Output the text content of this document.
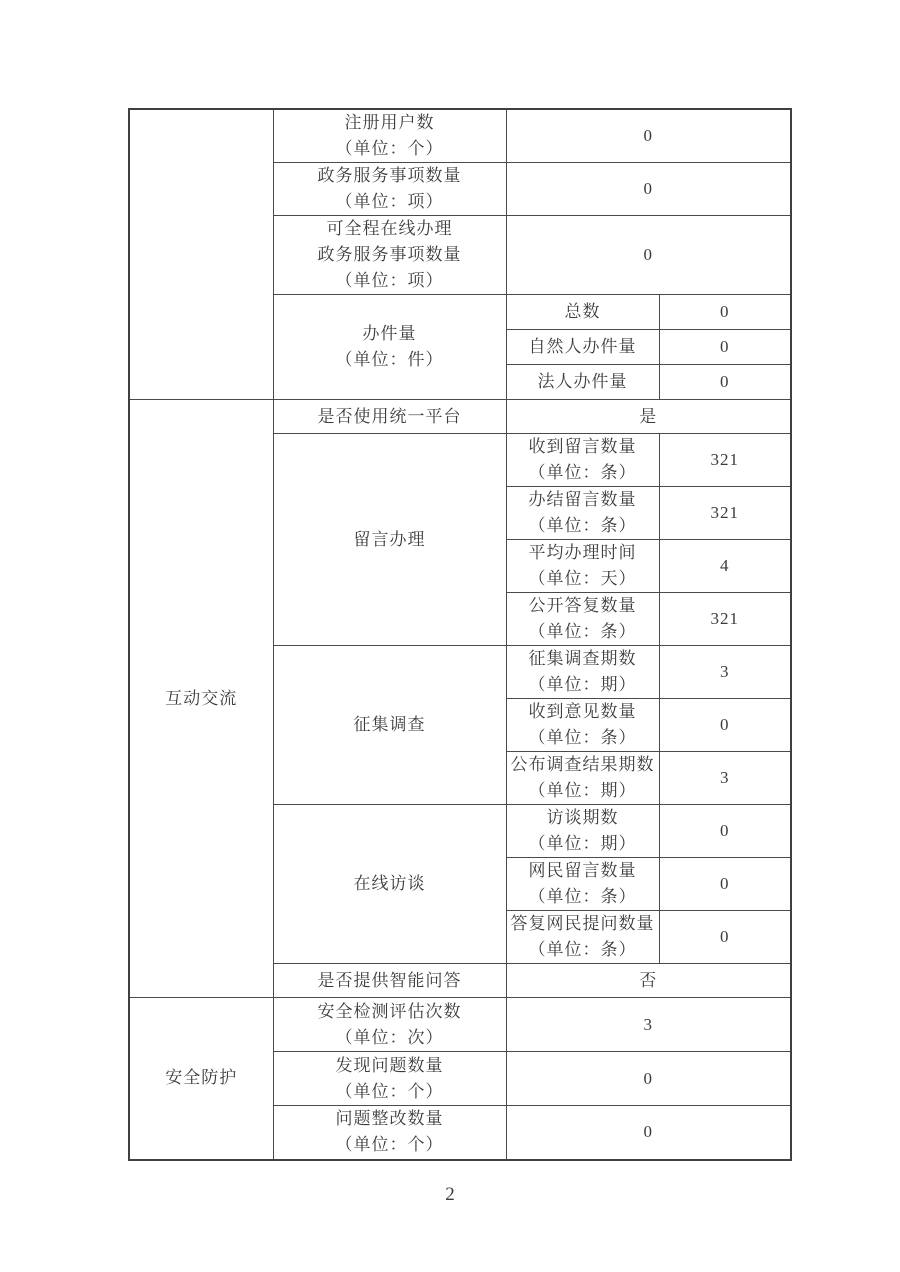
	注册用户数
（单位：个）	0	

	政务服务事项数量
（单位：项）	0	

	可全程在线办理
政务服务事项数量
（单位：项）	0	

	办件量
（单位：件）	总数	0
		自然人办件量	0
		法人办件量	0
互动交流	是否使用统一平台	是	
	留言办理	收到留言数量
（单位：条）	321

		办结留言数量
（单位：条）	321

		平均办理时间
（单位：天）	4

		公开答复数量
（单位：条）	321
	征集调查	征集调查期数
（单位：期）	3

		收到意见数量
（单位：条）	0

		公布调查结果期数
（单位：期）	3
	在线访谈	访谈期数
（单位：期）	0

		网民留言数量
（单位：条）	0

		答复网民提问数量
（单位：条）	0
	是否提供智能问答	否	
安全防护	安全检测评估次数
（单位：次）	3	

	发现问题数量
（单位：个）	0	

	问题整改数量
（单位：个）	0	
2
